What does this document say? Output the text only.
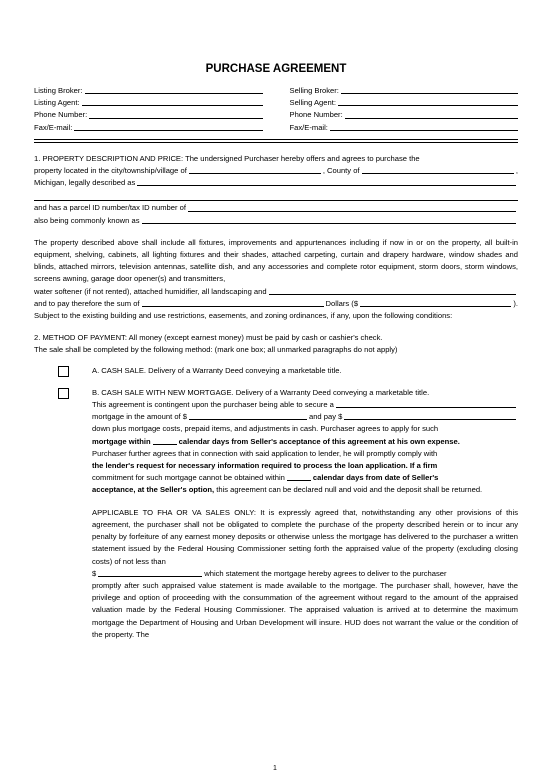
PURCHASE AGREEMENT
Listing Broker:	Selling Broker:
Listing Agent:	Selling Agent:
Phone Number:	Phone Number:
Fax/E-mail:	Fax/E-mail:

1. PROPERTY DESCRIPTION AND PRICE: The undersigned Purchaser hereby offers and agrees to purchase the

property located in the city/township/village of	, County of	,
Michigan, legally described as
and has a parcel ID number/tax ID number of
also being commonly known as

The property described above shall include all fixtures, improvements and appurtenances including if now in or on the property, all built-in equipment, shelving, cabinets, all lighting fixtures and their shades, attached carpeting, curtain and drapery hardware, window shades and blinds, attached mirrors, television antennas, satellite dish, and any accessories and complete rotor equipment, storm doors, storm windows, screens awning, garage door opener(s) and transmitters,

water softener (if not rented), attached humidifier, all landscaping and
and to pay therefore the sum of	Dollars ($	).

Subject to the existing building and use restrictions, easements, and zoning ordinances, if any, upon the following conditions:

2. METHOD OF PAYMENT: All money (except earnest money) must be paid by cash or cashier's check.

The sale shall be completed by the following method: (mark one box; all unmarked paragraphs do not apply)

A. CASH SALE. Delivery of a Warranty Deed conveying a marketable title.

B. CASH SALE WITH NEW MORTGAGE. Delivery of a Warranty Deed conveying a marketable title.

This agreement is contingent upon the purchaser being able to secure a
mortgage in the amount of $	and pay $

down plus mortgage costs, prepaid items, and adjustments in cash. Purchaser agrees to apply for such

mortgage within	calendar days from Seller's acceptance of this agreement at his own expense.

Purchaser further agrees that in connection with said application to lender, he will promptly comply with

the lender's request for necessary information required to process the loan application. If a firm

commitment for such mortgage cannot be obtained within	calendar days from date of Seller's

acceptance, at the Seller's option, this agreement can be declared null and void and the deposit shall be returned.

APPLICABLE TO FHA OR VA SALES ONLY: It is expressly agreed that, notwithstanding any other provisions of this agreement, the purchaser shall not be obligated to complete the purchase of the property described herein or to incur any penalty by forfeiture of any earnest money deposits or otherwise unless the mortgage has delivered to the purchaser a written statement issued by the Federal Housing Commissioner setting forth the appraised value of the property (excluding closing costs) of not less than

$	which statement the mortgage hereby agrees to deliver to the purchaser

promptly after such appraised value statement is made available to the mortgage. The purchaser shall, however, have the privilege and option of proceeding with the consummation of the agreement without regard to the amount of the appraised valuation made by the Federal Housing Commissioner. The appraised valuation is arrived at to determine the maximum mortgage the Department of Housing and Urban Development will insure. HUD does not warrant the value or the condition of the property. The

1
